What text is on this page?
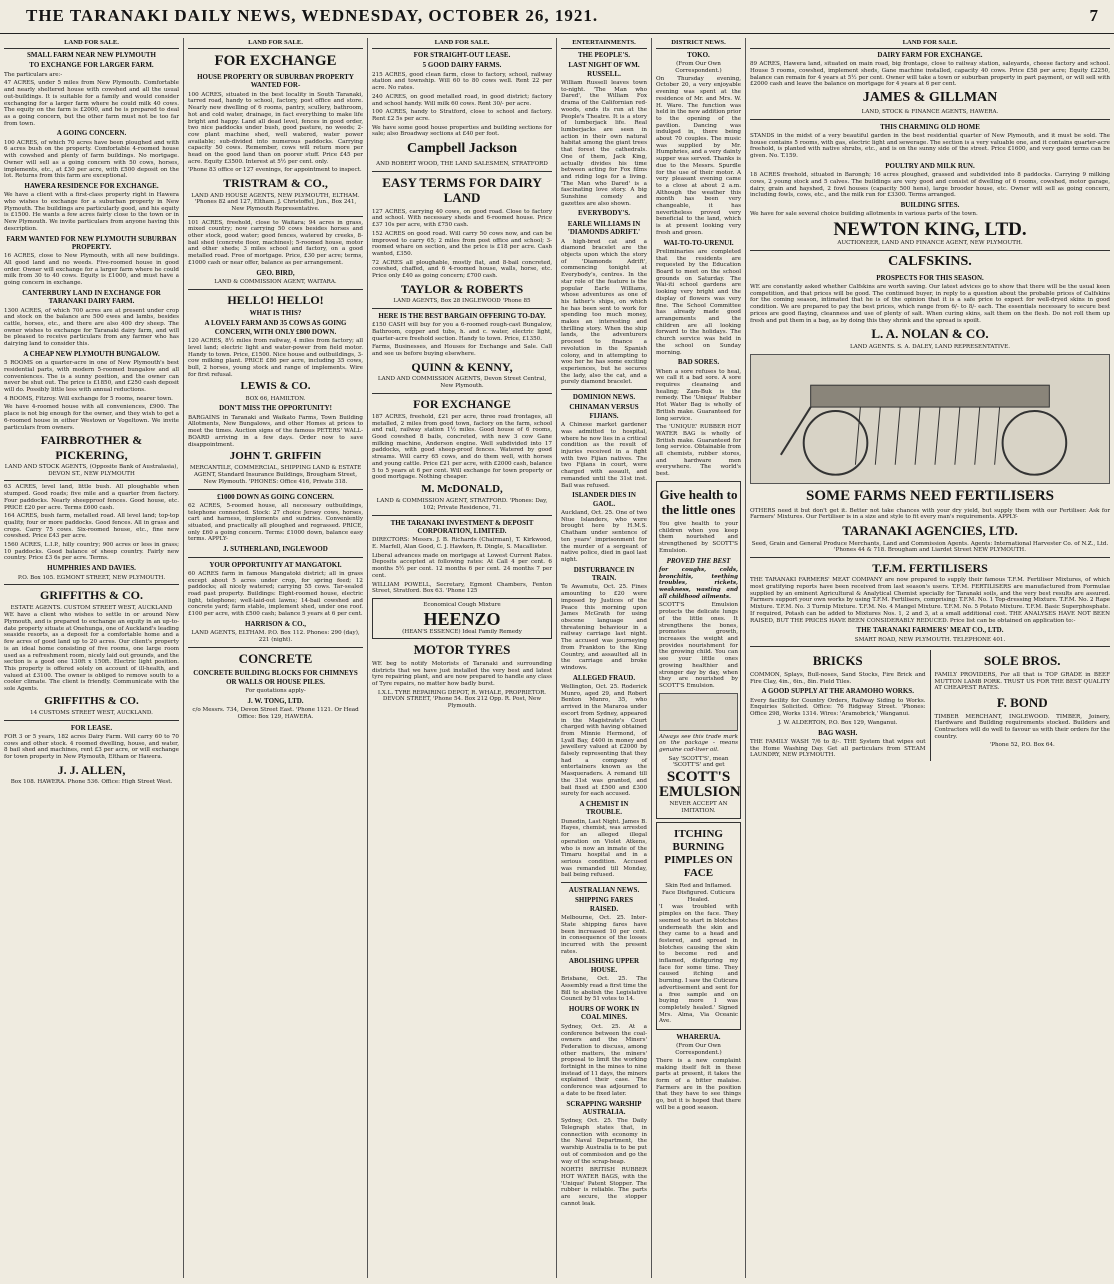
THE TARANAKI DAILY NEWS, WEDNESDAY, OCTOBER 26, 1921.	7
LAND FOR SALE.
SMALL FARM NEAR NEW PLYMOUTH
TO EXCHANGE FOR LARGER FARM.

The particulars are:-

47 ACRES, under 5 miles from New Plymouth. Comfortable and nearly sheltered house with cowshed and all the usual out-buildings. It is suitable for a family and would consider exchanging for a larger farm where he could milk 40 cows. The equity on the farm is £2000, and he is prepared to deal as a going concern, but the other farm must not be too far from town.

A GOING CONCERN.

100 ACRES, of which 70 acres have been ploughed and with 6 acres bush on the property. Comfortable 4-roomed house with cowshed and plenty of farm buildings. No mortgage. Owner will sell as a going concern with 50 cows, horses, implements, etc., at £30 per acre, with £500 deposit on the lot. Returns from this farm are exceptional.

HAWERA RESIDENCE FOR EXCHANGE.

We have a client with a first-class property right in Hawera who wishes to exchange for a suburban property in New Plymouth. The buildings are particularly good, and his equity is £1500. He wants a few acres fairly close to the town or in New Plymouth. We invite particulars from anyone having this description.

FARM WANTED FOR NEW PLYMOUTH SUBURBAN PROPERTY.

16 ACRES, close to New Plymouth, with all new buildings. All good land and no weeds. Five-roomed house in good order. Owner will exchange for a larger farm where he could milk from 30 to 40 cows. Equity is £1000, and must have a going concern in exchange.

CANTERBURY LAND IN EXCHANGE FOR TARANAKI DAIRY FARM.

1300 ACRES, of which 700 acres are at present under crop and stock on the balance are 500 ewes and lambs, besides cattle, horses, etc., and there are also 400 dry sheep. The owner wishes to exchange for Taranaki dairy farm, and will be pleased to receive particulars from any farmer who has dairying land to consider this.

A CHEAP NEW PLYMOUTH BUNGALOW.

5 ROOMS on a quarter-acre in one of New Plymouth's best residential parts, with modern 5-roomed bungalow and all conveniences. The is a sunny position, and the owner can never be shut out. The price is £1850, and £250 cash deposit will do. Possibly little less with annual reductions.

4 ROOMS, Fitzroy. Will exchange for 5 rooms, nearer town.

We have 4-roomed house with all conveniences, £900. The place is not big enough for the owner, and they wish to get a 6-roomed house in either Westown or Vogeltown. We invite particulars from owners.

FAIRBROTHER & PICKERING,
LAND AND STOCK AGENTS, (Opposite Bank of Australasia), DEVON ST., NEW PLYMOUTH

63 ACRES, level land, little bush. All ploughable when stumped. Good roads; five mile and a quarter from factory. Four paddocks. Nearly sheepproof fences. Good house, etc. PRICE £20 per acre. Terms £600 cash.

164 ACRES, bush farm, metalled road. All level land; top-top quality, four or more paddocks. Good fences. All in grass and crops. Carry 75 cows. Six-roomed house, etc., fine new cowshed. Price £43 per acre.

1560 ACRES, L.I.P., hilly country; 900 acres or less in grass; 10 paddocks. Good balance of sheep country. Fairly new country. Price £3 6s per acre. Terms.

HUMPHRIES AND DAVIES.
P.O. Box 105. EGMONT STREET, NEW PLYMOUTH.
GRIFFITHS & CO.
ESTATE AGENTS. CUSTOM STREET WEST, AUCKLAND

WE have a client who wishes to settle in or around New Plymouth, and is prepared to exchange an equity in an up-to-date property situate at Onehunga, one of Auckland's leading seaside resorts, as a deposit for a comfortable home and a few acres of good land up to 20 acres. Our client's property is an ideal home consisting of five rooms, one large room used as a refreshment room, nicely laid out grounds, and the section is a good one 130ft x 150ft. Electric light position. This property is offered solely on account of ill-health, and valued at £3100. The owner is obliged to remove south to a cooler climate. The client is friendly. Communicate with the sole Agents.

GRIFFITHS & CO.
14 CUSTOMS STREET WEST, AUCKLAND.
FOR LEASE.

FOR 3 or 5 years, 182 acres Dairy Farm. Will carry 60 to 70 cows and other stock. 4 roomed dwelling, house, and water, 8 bail shed and machines, rent £3 per acre, or will exchange for town property in New Plymouth, Eltham or Hawera.

J. J. ALLEN,
Box 108. HAWERA. Phone 536. Office: High Street West.
LAND FOR SALE.
FOR EXCHANGE
HOUSE PROPERTY OR SUBURBAN PROPERTY WANTED FOR-

100 ACRES, situated in the best locality in South Taranaki, tarred road, handy to school, factory, post office and store. Nearly new dwelling of 6 rooms, pantry, scullery, bathroom, hot and cold water, drainage, in fact everything to make life bright and happy. Land all dead level, fences in good order, two nice paddocks under bush, good pasture, no weeds; 2-cow plant machine shed, well watered, water power available; sub-divided into numerous paddocks. Carrying capacity 50 cows. Remember, cows will return more per head on the good land than on poorer stuff. Price £45 per acre. Equity £3500. Interest at 5½ per cent. only.

'Phone 83 office or 127 evenings, for appointment to inspect.

TRISTRAM & CO.,
LAND AND HOUSE AGENTS, NEW PLYMOUTH, ELTHAM. 'Phones 82 and 127, Eltham. J. Christoffel, Jun., Box 241, New Plymouth Representative.

101 ACRES, freehold, close to Waitara; 94 acres in grass, mixed country; now carrying 50 cows besides horses and other stock, good water; good fences, watered by creeks, 8-bail shed (concrete floor, machines); 5-roomed house, motor and other sheds; 3 miles school and factory, on a good metalled road. Free of mortgage. Price, £30 per acre; terms, £1000 cash or near offer, balance as per arrangement.

GEO. BIRD,
LAND & COMMISSION AGENT, WAITARA.
HELLO! HELLO!
WHAT IS THIS?
A LOVELY FARM AND 35 COWS AS GOING CONCERN, WITH ONLY £800 DOWN.

120 ACRES, 8½ miles from railway, 4 miles from factory; all level land; electric light and water-power from field motor. Handy to town. Price, £1500. Nice house and outbuildings, 3-cow milking plant. PRICE £86 per acre, including 35 cows, bull, 2 horses, young stock and range of implements. Wire for first refusal.

LEWIS & CO.
BOX 66, HAMILTON.
DON'T MISS THE OPPORTUNITY!

BARGAINS in Taranaki and Waikato Farms, Town Building Allotments, New Bungalows, and other Homes at prices to meet the times. Auction signs of the famous PETERS' WALL-BOARD arriving in a few days. Order now to save disappointment.

JOHN T. GRIFFIN
MERCANTILE, COMMERCIAL, SHIPPING LAND & ESTATE AGENT, Standard Insurance Buildings, Brougham Street, New Plymouth. 'PHONES: Office 416, Private 318.
£1000 DOWN AS GOING CONCERN.

62 ACRES, 5-roomed house, all necessary outbuildings, telephone connected. Stock: 27 choice Jersey cows, horses, cart and harness, implements and sundries. Conveniently situated, and practically all ploughed and regrassed. PRICE, only £60 a going concern. Terms: £1000 down, balance easy terms. APPLY-

J. SUTHERLAND, INGLEWOOD
YOUR OPPORTUNITY AT MANGATOKI.

60 ACRES farm in famous Mangatoki district; all in grass except about 5 acres under crop, for spring feed; 12 paddocks; all nicely watered; carrying 55 cows. Tar-sealed road past property. Buildings: Eight-roomed house, electric light, telephone; well-laid-out lawns; 14-bail cowshed and concrete yard; farm stable, implement shed, under one roof. £100 per acre, with £500 cash; balance 5 years at 6 per cent.

HARRISON & CO.,
LAND AGENTS, ELTHAM. P.O. Box 112. Phones: 290 (day), 221 (night).
CONCRETE
CONCRETE BUILDING BLOCKS FOR CHIMNEYS OR WALLS OR HOUSE PILES.
For quotations apply-
J. W. TONG, LTD.
c/o Messrs. 734, Devon Street East. 'Phone 1121. Or Head Office: Box 129, HAWERA.
LAND FOR SALE.
FOR STRAIGHT-OUT LEASE.
5 GOOD DAIRY FARMS.

215 ACRES, good clean farm, close to factory, school, railway station and township. Will 60 to 80 cows well. Rent 22 per acre. No rates.

240 ACRES, on good metalled road, in good district; factory and school handy. Will milk 60 cows. Rent 30/- per acre.

100 ACRES, handy to Stratford, close to school and factory. Rent £2 5s per acre.

We have some good house properties and building sections for sale; also Broadway sections at £40 per foot.

Campbell Jackson
AND ROBERT WOOD, THE LAND SALESMEN, STRATFORD
EASY TERMS FOR DAIRY LAND

127 ACRES, carrying 40 cows, on good road. Close to factory and school. With necessary sheds and 6-roomed house. Price £37 10s per acre, with £750 cash.

152 ACRES on good road. Will carry 50 cows now, and can be improved to carry 65; 2 miles from post office and school; 3-roomed whare on section, and the price is £18 per acre. Cash wanted, £350.

72 ACRES all ploughable, mostly flat, and 8-bail concreted, cowshed, chaffed, and 6 4-roomed house, walls, horse, etc. Price only £40 as going concern; £700 cash.

TAYLOR & ROBERTS
LAND AGENTS, Box 28 INGLEWOOD 'Phone 85
HERE IS THE BEST BARGAIN OFFERING TO-DAY.

£150 CASH will buy for you a 6-roomed rough-cast Bungalow, Bathroom, copper and tubs, h. and c. water, electric light, quarter-acre freehold section. Handy to town. Price, £1350.

Farms, Businesses, and Houses for Exchange and Sale. Call and see us before buying elsewhere.

QUINN & KENNY,
LAND AND COMMISSION AGENTS, Devon Street Central, New Plymouth.
FOR EXCHANGE

187 ACRES, freehold, £21 per acre, three road frontages, all metalled, 2 miles from good town, factory on the farm, school and rail, railway station 1½ miles. Good house of 6 rooms, Good cowshed 8 bails, concreted, with new 3 cow Gane milking machine, Anderson engine. Well subdivided into 17 paddocks, with good sheep-proof fences. Watered by good streams. Will carry 65 cows, and do them well, with horses and young cattle. Price £21 per acre, with £2000 cash, balance 5 to 5 years at 6 per cent. Will exchange for town property or good mortgage. Nothing cheaper.

M. McDONALD,
LAND & COMMISSION AGENT, STRATFORD. 'Phones: Day, 102; Private Residence, 71.
THE TARANAKI INVESTMENT & DEPOSIT CORPORATION, LIMITED.

DIRECTORS: Messrs. J. B. Richards (Chairman), T. Kirkwood, E. Marfell, Alan Good, C. J. Hawken, R. Dingle, S. Macallister.

Liberal advances made on mortgage at Lowest Current Rates. Deposits accepted at following rates: At Call 4 per cent. 6 months 5½ per cent. 12 months 6 per cent. 24 months 7 per cent.

WILLIAM POWELL, Secretary, Egmont Chambers, Fenton Street, Stratford. Box 63. 'Phone 125

Economical Cough Mixture
HEENZO
(HEAN'S ESSENCE) Ideal Family Remedy
MOTOR TYRES

WE beg to notify Motorists of Taranaki and surrounding districts that we have just installed the very best and latest tyre repairing plant, and are now prepared to handle any class of Tyre repairs, no matter how badly burst.

I.X.L. TYRE REPAIRING DEPOT, R. WHALE, PROPRIETOR. DEVON STREET, 'Phone 54. Box 212 Opp. R. Post, New Plymouth.
ENTERTAINMENTS.
THE PEOPLE'S.
LAST NIGHT OF WM. RUSSELL.

William Russell leaves town to-night. 'The Man who Dared', the William Fox drama of the Californian red-woods, ends its run at the People's Theatre. It is a story of lumberjack life. Real lumberjacks are seen in action in their own natural habitat among the giant trees that forest the cathedrals. One of them, Jack King, actually divides his time between acting for Fox films and riding logs for a living. 'The Man who Dared' is a fascinating love story. A big Sunshine comedy and gazettes are also shown.

EVERYBODY'S.
EARLE WILLIAMS IN 'DIAMONDS ADRIFT.'

A high-bred cat and a diamond bracelet are the objects upon which the story of 'Diamonds Adrift', commencing tonight at Everybody's, centres. In the star role of the feature is the popular Earle Williams, whose adventures as one of his father's ships, on which he has been sent to work for spending too much money, makes an interesting and thrilling story. When the ship lands, the adventurers proceed to finance a revolution in the Spanish colony, and in attempting to woo her he has some exciting experiences, but he secures the lady, also the cat, and a purely diamond bracelet.

DOMINION NEWS.
CHINAMAN VERSUS FIJIANS.

A Chinese market gardener was admitted to hospital, where he now lies in a critical condition as the result of injuries received in a fight with two Fijian natives. The two Fijians in court, were charged with assault, and remanded until the 31st inst. Bail was refused.

ISLANDER DIES IN GAOL.

Auckland, Oct. 25. One of two Niue Islanders, who were brought here by H.M.S. Chatham under sentence of ten years' imprisonment for the murder of a sergeant of native police, died in gaol last night.

DISTURBANCE IN TRAIN.

Te Awamutu, Oct. 25. Fines amounting to £20 were imposed by Justices of the Peace this morning upon James McGrath for using obscene language and threatening behaviour in a railway carriage last night. The accused was journeying from Frankton to the King Country, and assaulted all in the carriage and broke windows.

ALLEGED FRAUD.

Wellington, Oct. 25. Roderick Munro, aged 29, and Robert Benton Munro, 35, who arrived in the Mararoa under escort from Sydney, appeared in the Magistrate's Court charged with having obtained from Minnie Hermond, of Lyall Bay, £400 in money and jewellery valued at £2000 by falsely representing that they had a company of entertainers known as the Masqueraders. A remand till the 31st was granted, and bail fixed at £500 and £300 surety for each accused.

A CHEMIST IN TROUBLE.

Dunedin, Last Night. James B. Hayes, chemist, was arrested for an alleged illegal operation on Violet Atkens, who is now an inmate of the Timaru hospital and in a serious condition. Accused was remanded till Monday, bail being refused.

AUSTRALIAN NEWS.
SHIPPING FARES RAISED.

Melbourne, Oct. 25. Inter-State shipping fares have been increased 10 per cent. in consequence of the losses incurred with the present rates.

ABOLISHING UPPER HOUSE.

Brisbane, Oct. 25. The Assembly read a first time the Bill to abolish the Legislative Council by 51 votes to 14.

HOURS OF WORK IN COAL MINES.

Sydney, Oct. 25. At a conference between the coal-owners and the Miners' Federation to discuss, among other matters, the miners' proposal to limit the working fortnight in the mines to nine instead of 11 days, the miners explained their case. The conference was adjourned to a date to be fixed later.

SCRAPPING WARSHIP AUSTRALIA.

Sydney, Oct. 25. The Daily Telegraph states that, in connection with economy in the Naval Department, the warship Australia is to be put out of commission and go the way of the scrap-heap.

NORTH BRITISH RUBBER HOT WATER BAGS, with the 'Unique' Patent Stopper. The rubber is reliable. The parts are secure, the stopper cannot leak.

DISTRICT NEWS.
TOKO.
(From Our Own Correspondent.)

On Thursday evening, October 20, a very enjoyable evening was spent at the residence of Mr. and Mrs. W. H. Ware. The function was held in the new addition prior to the opening of the pavilion. Dancing was indulged in, there being about 70 couples. The music was supplied by Mr. Humphries, and a very dainty supper was served. Thanks is due to the Messrs. Spurdle for the use of their motor. A very pleasant evening came to a close at about 2 a.m. Although the weather this month has been very changeable, it has nevertheless proved very beneficial to the land, which is at present looking very fresh and green.

WAI-TO-TO-URENUI.

Preliminaries are completed that the residents are requested by the Education Board to meet on the school grounds on Saturday. The Wai-iti school gardens are looking very bright and the display of flowers was very fine. The School Committee has already made good arrangements and the children are all looking forward to the holidays. The church service was held in the school on Sunday morning.

BAD SORES.

When a sore refuses to heal, we call it a bad sore. A sore requires cleansing and healing; Zam-Buk is the remedy. The 'Unique' Rubber Hot Water Bag is wholly of British make. Guaranteed for long service.

The 'UNIQUE' RUBBER HOT WATER BAG is wholly of British make. Guaranteed for long service. Obtainable from all chemists, rubber stores, and hardware men everywhere. The world's best.

Give health to the little ones

You give health to your children when you keep them nourished and strengthened by SCOTT'S Emulsion.

PROVED THE BEST

for coughs, colds, bronchitis, teething troubles, rickets, weakness, wasting and all childhood ailments.

SCOTT'S Emulsion protects the delicate lungs of the little ones. It strengthens the bones, promotes growth, increases the weight and provides nourishment for the growing child. You can see your little ones growing healthier and stronger day by day, when they are nourished by SCOTT'S Emulsion.

Always see this trade mark on the package - means genuine cod-liver oil.

Say 'SCOTT'S', mean 'SCOTT'S' and get
SCOTT'S EMULSION
NEVER ACCEPT AN IMITATION.
ITCHING BURNING PIMPLES ON FACE
Skin Red and Inflamed. Face Disfigured. Cuticura Healed.

'I was troubled with pimples on the face. They seemed to start in blotches underneath the skin and they came to a head and festered, and spread in blotches causing the skin to become red and inflamed, disfiguring my face for some time. They caused itching and burning. I saw the Cuticura advertisement and sent for a free sample and on buying more I was completely healed.' Signed Mrs. Alma, Via Oceanic Ave.

WHARERUA.
(From Our Own Correspondent.)

There is a new complaint making itself felt in these parts at present, it takes the form of a bitter malaise. Farmers are in the position that they have to see things go, but it is hoped that there will be a good season.

LAND FOR SALE.
DAIRY FARM FOR EXCHANGE.

89 ACRES, Hawera land, situated on main road, big frontage, close to railway station, saleyards, cheese factory and school. House 5 rooms, cowshed, implement sheds, Gane machine installed, capacity 40 cows. Price £58 per acre; Equity £2250, balance can remain for 4 years at 5½ per cent. Owner will take a town or suburban property in part payment, or will sell with £2000 cash and leave the balance on mortgage for 4 years at 6 per cent.

JAMES & GILLMAN
LAND, STOCK & FINANCE AGENTS, HAWERA.
THIS CHARMING OLD HOME

STANDS in the midst of a very beautiful garden in the best residential quarter of New Plymouth, and it must be sold. The house contains 5 rooms, with gas, electric light and sewerage. The section is a very valuable one, and it contains quarter-acre freehold, is planted with native shrubs, etc., and is on the sunny side of the street. Price £1600, and very good terms can be given. No. T.159.

POULTRY AND MILK RUN.

18 ACRES freehold, situated in Barongh; 16 acres ploughed, grassed and subdivided into 8 paddocks. Carrying 9 milking cows, 2 young stock and 5 calves. The buildings are very good and consist of dwelling of 6 rooms, cowshed, motor garage, dairy, grain and hayshed, 2 fowl houses (capacity 500 hens), large brooder house, etc. Owner will sell as going concern, including fowls, cows, etc., and the milk run for £3300. Terms arranged.

BUILDING SITES.

We have for sale several choice building allotments in various parts of the town.

NEWTON KING, LTD.
AUCTIONEER, LAND AND FINANCE AGENT, NEW PLYMOUTH.
CALFSKINS.
PROSPECTS FOR THIS SEASON.

WE are constantly asked whether Calfskins are worth saving. Our latest advices go to show that there will be the usual keen competition, and that prices will be good. The continued buyer, in reply to a question about the probable prices of Calfskins for the coming season, intimated that he is of the opinion that it is a safe price to expect for well-dryed skins in good condition. We are prepared to pay the best prices, which range from 6/- to 8/- each. The essentials necessary to secure best prices are good flaying, cleanness and use of plenty of salt. When curing skins, salt them on the flesh. Do not roll them up fresh and put them in a bag, as by doing this they shrink and the spread is spoilt.

L. A. NOLAN & CO.
LAND AGENTS. S. A. DALEY, LAND REPRESENTATIVE.
SOME FARMS NEED FERTILISERS

OTHERS need it but don't get it. Better not take chances with your dry yield, but supply them with our Fertiliser. Ask for Farmers' Mixtures. Our Fertiliser is in a size and style to fit every man's requirements. APPLY-

TARANAKI AGENCIES, LTD.
Seed, Grain and General Produce Merchants, Land and Commission Agents. Agents: International Harvester Co. of N.Z., Ltd. 'Phones 44 & 718. Brougham and Liardet Street NEW PLYMOUTH.
T.F.M. FERTILISERS

THE TARANAKI FARMERS' MEAT COMPANY are now prepared to supply their famous T.F.M. Fertiliser Mixtures, of which most gratifying reports have been received from last season's users. T.F.M. FERTILISERS are manufactured from Formulae supplied by an eminent Agricultural & Analytical Chemist specially for Taranaki soils, and the very best results are assured. Farmers support your own works by using T.F.M. Fertilisers, comprising: T.F.M. No. 1 Top-dressing Mixture. T.F.M. No. 2 Rape Mixture. T.F.M. No. 3 Turnip Mixture. T.F.M. No. 4 Mangel Mixture. T.F.M. No. 5 Potato Mixture. T.F.M. Basic Superphosphate. If required, Potash can be added to Mixtures Nos. 1, 2 and 3, at a small additional cost. THE ANALYSES HAVE NOT BEEN RAISED, BUT THE PRICES HAVE BEEN CONSIDERABLY REDUCED. Price list can be obtained on application to:-

THE TARANAKI FARMERS' MEAT CO., LTD.
SMART ROAD, NEW PLYMOUTH. TELEPHONE 401.
BRICKS

COMMON, Splays, Bull-noses, Sand Stocks, Fire Brick and Fire Clay, 4in., 6in., 8in. Field Tiles.

A GOOD SUPPLY AT THE ARAMOHO WORKS.

Every facility for Country Orders, Railway Siding to Works. Enquiries Solicited. Office: 76 Ridgway Street. 'Phones: Office 298, Works 1314. Wires: 'Aramobrick,' Wanganui.

J. W. ALDERTON, P.O. Box 129, Wanganui.
BAG WASH.

THE FAMILY WASH 7/6 to 8/-. THE System that wipes out the Home Washing Day. Get all particulars from STEAM LAUNDRY, NEW PLYMOUTH.

SOLE BROS.

FAMILY PROVIDERS, For all that is TOP GRADE in BEEF MUTTON LAMB PORK. TRUST US FOR THE BEST QUALITY AT CHEAPEST RATES.

F. BOND

TIMBER MERCHANT, INGLEWOOD. TIMBER, Joinery, Hardware and Building requirements stocked. Builders and Contractors will do well to favour us with their orders for the country.

'Phone 52, P.O. Box 64.
